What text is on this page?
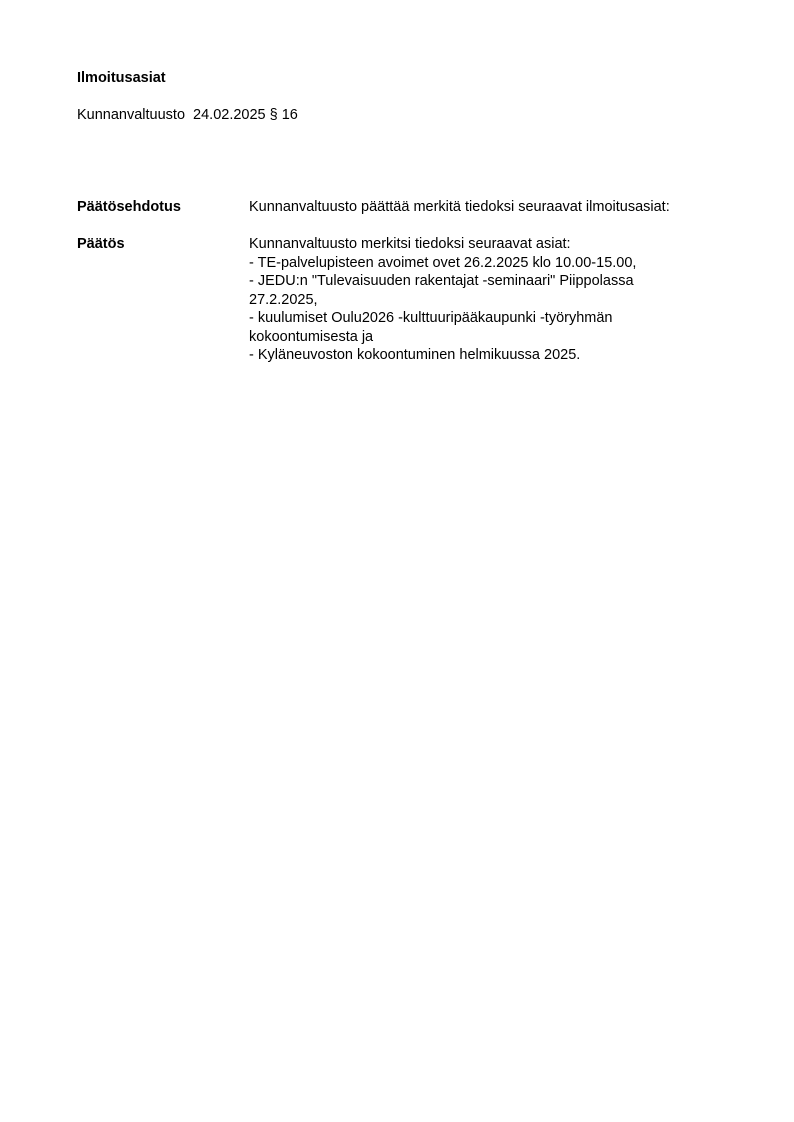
Ilmoitusasiat
Kunnanvaltuusto 24.02.2025 § 16
Päätösehdotus	Kunnanvaltuusto päättää merkitä tiedoksi seuraavat ilmoitusasiat:
Päätös	Kunnanvaltuusto merkitsi tiedoksi seuraavat asiat:
- TE-palvelupisteen avoimet ovet 26.2.2025 klo 10.00-15.00,
- JEDU:n "Tulevaisuuden rakentajat -seminaari" Piippolassa
27.2.2025,
- kuulumiset Oulu2026 -kulttuuripääkaupunki -työryhmän
kokoontumisesta ja
- Kyläneuvoston kokoontuminen helmikuussa 2025.
